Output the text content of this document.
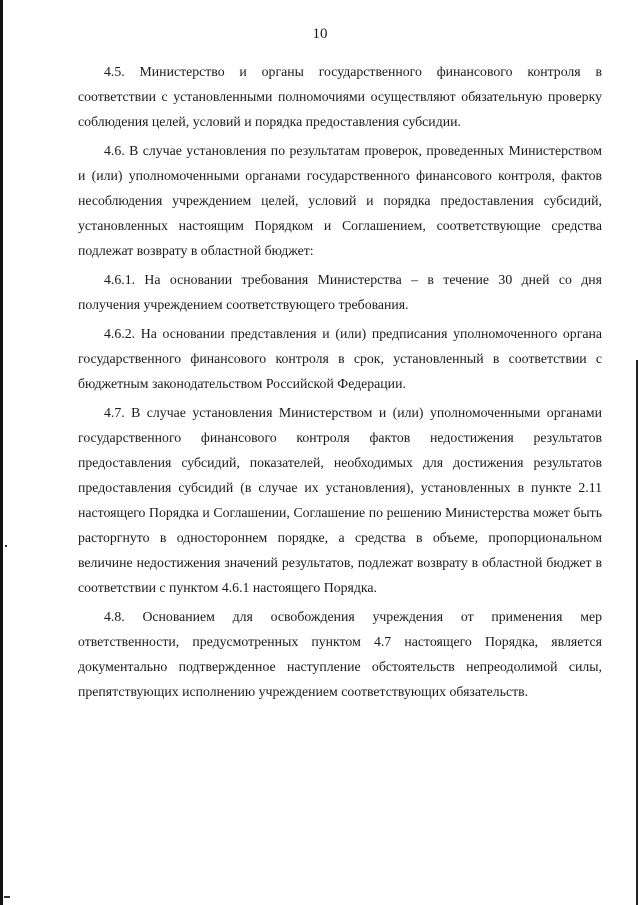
10

4.5. Министерство и органы государственного финансового контроля в соответствии с установленными полномочиями осуществляют обязательную проверку соблюдения целей, условий и порядка предоставления субсидии.

4.6. В случае установления по результатам проверок, проведенных Министерством и (или) уполномоченными органами государственного финансового контроля, фактов несоблюдения учреждением целей, условий и порядка предоставления субсидий, установленных настоящим Порядком и Соглашением, соответствующие средства подлежат возврату в областной бюджет:

4.6.1. На основании требования Министерства – в течение 30 дней со дня получения учреждением соответствующего требования.

4.6.2. На основании представления и (или) предписания уполномоченного органа государственного финансового контроля в срок, установленный в соответствии с бюджетным законодательством Российской Федерации.

4.7. В случае установления Министерством и (или) уполномоченными органами государственного финансового контроля фактов недостижения результатов предоставления субсидий, показателей, необходимых для достижения результатов предоставления субсидий (в случае их установления), установленных в пункте 2.11 настоящего Порядка и Соглашении, Соглашение по решению Министерства может быть расторгнуто в одностороннем порядке, а средства в объеме, пропорциональном величине недостижения значений результатов, подлежат возврату в областной бюджет в соответствии с пунктом 4.6.1 настоящего Порядка.

4.8. Основанием для освобождения учреждения от применения мер ответственности, предусмотренных пунктом 4.7 настоящего Порядка, является документально подтвержденное наступление обстоятельств непреодолимой силы, препятствующих исполнению учреждением соответствующих обязательств.
